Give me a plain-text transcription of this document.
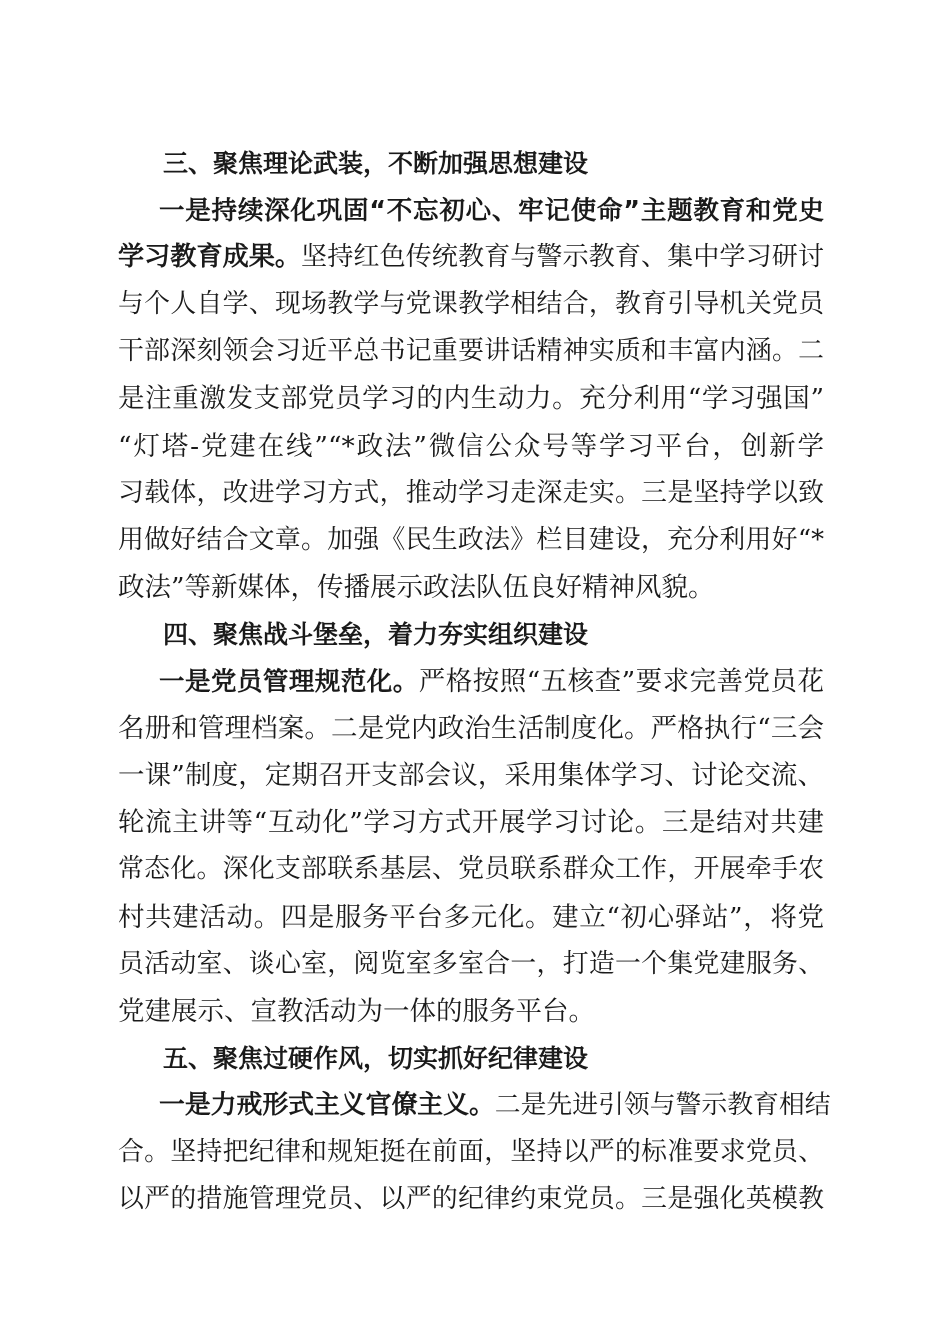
三、聚焦理论武装，不断加强思想建设
一是持续深化巩固“不忘初心、牢记使命”主题教育和党史
学习教育成果。坚持红色传统教育与警示教育、集中学习研讨
与个人自学、现场教学与党课教学相结合，教育引导机关党员
干部深刻领会习近平总书记重要讲话精神实质和丰富内涵。二
是注重激发支部党员学习的内生动力。充分利用“学习强国”
“灯塔-党建在线”“*政法”微信公众号等学习平台，创新学
习载体，改进学习方式，推动学习走深走实。三是坚持学以致
用做好结合文章。加强《民生政法》栏目建设，充分利用好“*
政法”等新媒体，传播展示政法队伍良好精神风貌。
四、聚焦战斗堡垒，着力夯实组织建设
一是党员管理规范化。严格按照“五核查”要求完善党员花
名册和管理档案。二是党内政治生活制度化。严格执行“三会
一课”制度，定期召开支部会议，采用集体学习、讨论交流、
轮流主讲等“互动化”学习方式开展学习讨论。三是结对共建
常态化。深化支部联系基层、党员联系群众工作，开展牵手农
村共建活动。四是服务平台多元化。建立“初心驿站”，将党
员活动室、谈心室，阅览室多室合一，打造一个集党建服务、
党建展示、宣教活动为一体的服务平台。
五、聚焦过硬作风，切实抓好纪律建设
一是力戒形式主义官僚主义。二是先进引领与警示教育相结
合。坚持把纪律和规矩挺在前面，坚持以严的标准要求党员、
以严的措施管理党员、以严的纪律约束党员。三是强化英模教
